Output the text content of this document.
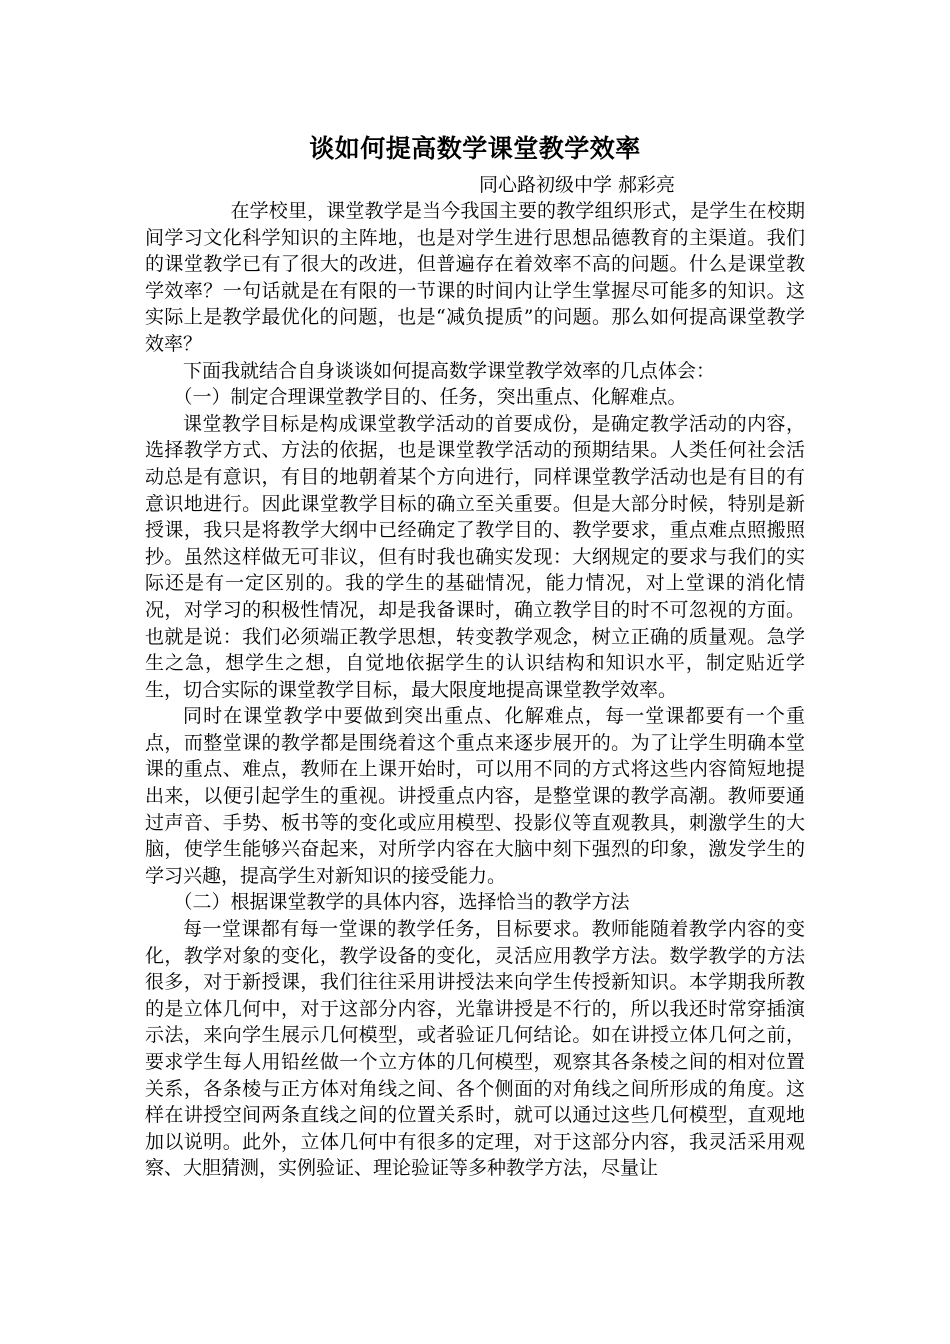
谈如何提高数学课堂教学效率

同心路初级中学 郝彩亮

在学校里，课堂教学是当今我国主要的教学组织形式，是学生在校期间学习文化科学知识的主阵地，也是对学生进行思想品德教育的主渠道。我们的课堂教学已有了很大的改进，但普遍存在着效率不高的问题。什么是课堂教学效率？一句话就是在有限的一节课的时间内让学生掌握尽可能多的知识。这实际上是教学最优化的问题，也是“减负提质”的问题。那么如何提高课堂教学效率？

下面我就结合自身谈谈如何提高数学课堂教学效率的几点体会：

（一）制定合理课堂教学目的、任务，突出重点、化解难点。

课堂教学目标是构成课堂教学活动的首要成份，是确定教学活动的内容，选择教学方式、方法的依据，也是课堂教学活动的预期结果。人类任何社会活动总是有意识，有目的地朝着某个方向进行，同样课堂教学活动也是有目的有意识地进行。因此课堂教学目标的确立至关重要。但是大部分时候，特别是新授课，我只是将教学大纲中已经确定了教学目的、教学要求，重点难点照搬照抄。虽然这样做无可非议，但有时我也确实发现：大纲规定的要求与我们的实际还是有一定区别的。我的学生的基础情况，能力情况，对上堂课的消化情况，对学习的积极性情况，却是我备课时，确立教学目的时不可忽视的方面。也就是说：我们必须端正教学思想，转变教学观念，树立正确的质量观。急学生之急，想学生之想，自觉地依据学生的认识结构和知识水平，制定贴近学生，切合实际的课堂教学目标，最大限度地提高课堂教学效率。

同时在课堂教学中要做到突出重点、化解难点，每一堂课都要有一个重点，而整堂课的教学都是围绕着这个重点来逐步展开的。为了让学生明确本堂课的重点、难点，教师在上课开始时，可以用不同的方式将这些内容简短地提出来，以便引起学生的重视。讲授重点内容，是整堂课的教学高潮。教师要通过声音、手势、板书等的变化或应用模型、投影仪等直观教具，刺激学生的大脑，使学生能够兴奋起来，对所学内容在大脑中刻下强烈的印象，激发学生的学习兴趣，提高学生对新知识的接受能力。

（二）根据课堂教学的具体内容，选择恰当的教学方法

每一堂课都有每一堂课的教学任务，目标要求。教师能随着教学内容的变化，教学对象的变化，教学设备的变化，灵活应用教学方法。数学教学的方法很多，对于新授课，我们往往采用讲授法来向学生传授新知识。本学期我所教的是立体几何中，对于这部分内容，光靠讲授是不行的，所以我还时常穿插演示法，来向学生展示几何模型，或者验证几何结论。如在讲授立体几何之前，要求学生每人用铅丝做一个立方体的几何模型，观察其各条棱之间的相对位置关系，各条棱与正方体对角线之间、各个侧面的对角线之间所形成的角度。这样在讲授空间两条直线之间的位置关系时，就可以通过这些几何模型，直观地加以说明。此外，立体几何中有很多的定理，对于这部分内容，我灵活采用观察、大胆猜测，实例验证、理论验证等多种教学方法，尽量让
